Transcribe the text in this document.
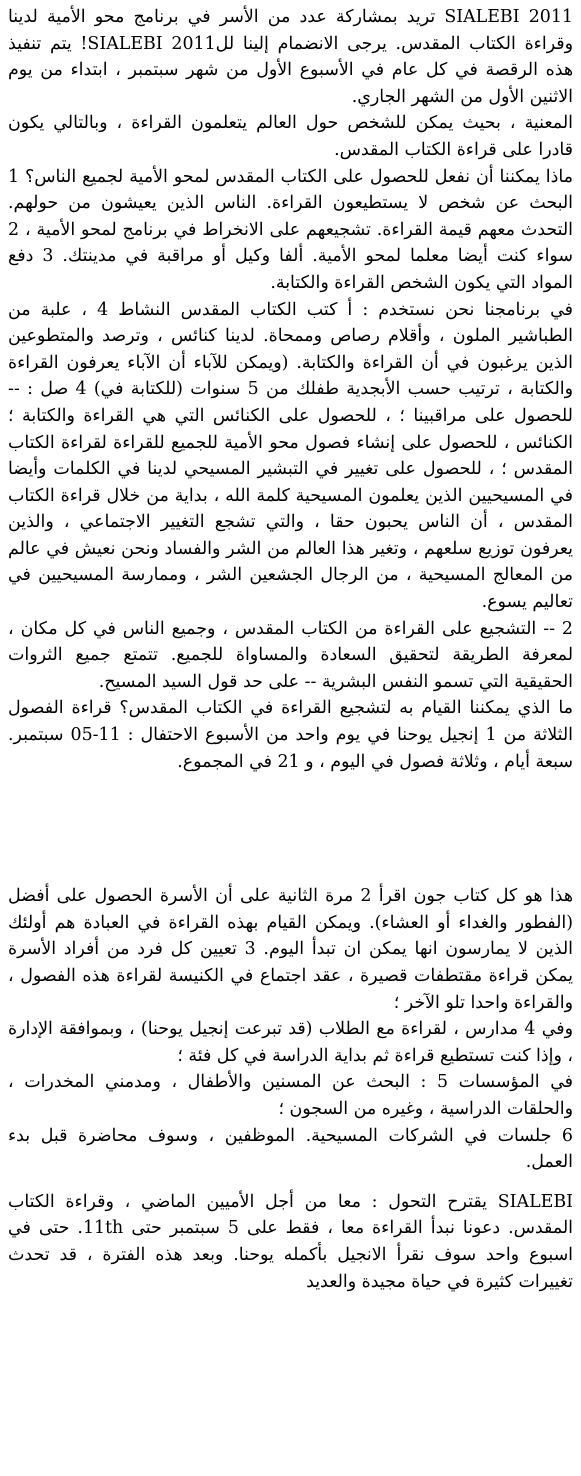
SIALEBI 2011 تريد بمشاركة عدد من الأسر في برنامج محو الأمية لدينا وقراءة الكتاب المقدس. يرجى الانضمام إلينا للSIALEBI 2011! يتم تنفيذ هذه الرقصة في كل عام في الأسبوع الأول من شهر سبتمبر ، ابتداء من يوم الاثنين الأول من الشهر الجاري.

المعنية ، بحيث يمكن للشخص حول العالم يتعلمون القراءة ، وبالتالي يكون قادرا على قراءة الكتاب المقدس.

ماذا يمكننا أن نفعل للحصول على الكتاب المقدس لمحو الأمية لجميع الناس؟ 1 البحث عن شخص لا يستطيعون القراءة. الناس الذين يعيشون من حولهم. التحدث معهم قيمة القراءة. تشجيعهم على الانخراط في برنامج لمحو الأمية ، 2 سواء كنت أيضا معلما لمحو الأمية. ألفا وكيل أو مراقبة في مدينتك. 3 دفع المواد التي يكون الشخص القراءة والكتابة.

في برنامجنا نحن نستخدم : أ كتب الكتاب المقدس النشاط 4 ، علبة من الطباشير الملون ، وأقلام رصاص وممحاة. لدينا كنائس ، وترصد والمتطوعين الذين يرغبون في أن القراءة والكتابة. (ويمكن للآباء أن الآباء يعرفون القراءة والكتابة ، ترتيب حسب الأبجدية طفلك من 5 سنوات (للكتابة في) 4 صل : -- للحصول على مراقبينا ؛ ، للحصول على الكنائس التي هي القراءة والكتابة ؛ الكنائس ، للحصول على إنشاء فصول محو الأمية للجميع للقراءة لقراءة الكتاب المقدس ؛ ، للحصول على تغيير في التبشير المسيحي لدينا في الكلمات وأيضا في المسيحيين الذين يعلمون المسيحية كلمة الله ، بداية من خلال قراءة الكتاب المقدس ، أن الناس يحبون حقا ، والتي تشجع التغيير الاجتماعي ، والذين يعرفون توزيع سلعهم ، وتغير هذا العالم من الشر والفساد ونحن نعيش في عالم من المعالج المسيحية ، من الرجال الجشعين الشر ، وممارسة المسيحيين في تعاليم يسوع.

2 -- التشجيع على القراءة من الكتاب المقدس ، وجميع الناس في كل مكان ، لمعرفة الطريقة لتحقيق السعادة والمساواة للجميع. تتمتع جميع الثروات الحقيقية التي تسمو النفس البشرية -- على حد قول السيد المسيح.

ما الذي يمكننا القيام به لتشجيع القراءة في الكتاب المقدس؟ قراءة الفصول الثلاثة من 1 إنجيل يوحنا في يوم واحد من الأسبوع الاحتفال : 11-05 سبتمبر. سبعة أيام ، وثلاثة فصول في اليوم ، و 21 في المجموع.

هذا هو كل كتاب جون اقرأ 2 مرة الثانية على أن الأسرة الحصول على أفضل (الفطور والغداء أو العشاء). ويمكن القيام بهذه القراءة في العبادة هم أولئك الذين لا يمارسون انها يمكن ان تبدأ اليوم. 3 تعيين كل فرد من أفراد الأسرة يمكن قراءة مقتطفات قصيرة ، عقد اجتماع في الكنيسة لقراءة هذه الفصول ، والقراءة واحدا تلو الآخر ؛

وفي 4 مدارس ، لقراءة مع الطلاب (قد تبرعت إنجيل يوحنا) ، وبموافقة الإدارة ، وإذا كنت تستطيع قراءة ثم بداية الدراسة في كل فئة ؛

في المؤسسات 5 : البحث عن المسنين والأطفال ، ومدمني المخدرات ، والحلقات الدراسية ، وغيره من السجون ؛

6 جلسات في الشركات المسيحية. الموظفين ، وسوف محاضرة قبل بدء العمل.

SIALEBI يقترح التحول : معا من أجل الأميين الماضي ، وقراءة الكتاب المقدس. دعونا نبدأ القراءة معا ، فقط على 5 سبتمبر حتى 11th. حتى في اسبوع واحد سوف نقرأ الانجيل بأكمله يوحنا. وبعد هذه الفترة ، قد تحدث تغييرات كثيرة في حياة مجيدة والعديد
